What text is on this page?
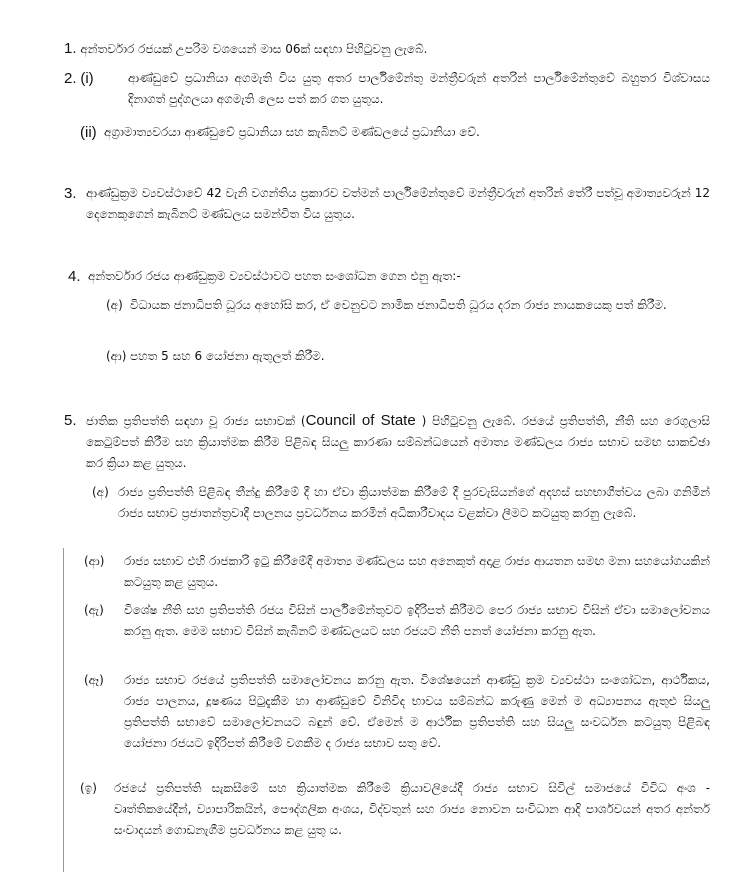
1. අන්තර්වාර රජයක් උපරිම වශයෙන් මාස 06ක් සඳහා පිහිටුවනු ලැබේ.
2. (i)	ආණ්ඩුවේ ප්‍රධානියා අගමැති විය යුතු අතර පාර්ලිමේන්තු මන්ත්‍රීවරුන් අතරින් පාර්ලිමේන්තුවේ බහුතර විශ්වාසය දිනාගත් පුද්ගලයා අගමැති ලෙස පත් කර ගත යුතුය.
(ii) අග්‍රාමාත්‍යවරයා ආණ්ඩුවේ ප්‍රධානියා සහ කැබිනට් මණ්ඩලයේ ප්‍රධානියා වේ.
3. ආණ්ඩුක්‍රම ව්‍යවස්ථාවේ 42 වැනි වගන්තිය ප්‍රකාරව වත්මන් පාර්ලිමේන්තුවේ මන්ත්‍රීවරුන් අතරින් තේරී පත්වූ අමාත්‍යවරුන් 12 දෙනෙකුගෙන් කැබිනට් මණ්ඩලය සමන්විත විය යුතුය.
4. අන්තර්වාර රජය ආණ්ඩුක්‍රම ව්‍යවස්ථාවට පහත සංශෝධන ගෙන එනු ඇත:-
(අ) විධායක ජනාධිපති ධූරය අහෝසි කර, ඒ වෙනුවට නාමික ජනාධිපති ධූරය දරන රාජ්‍ය නායකයෙකු පත් කිරීම.
(ආ) පහත 5 සහ 6 යෝජනා ඇතුලත් කිරීම.
5. ජාතික ප්‍රතිපත්ති සඳහා වූ රාජ්‍ය සභාවක් (Council of State ) පිහිටුවනු ලැබේ. රජයේ ප්‍රතිපත්ති, නීති සහ රෙගුලාසි කෙටුම්පත් කිරීම සහ ක්‍රියාත්මක කිරීම පිළිබඳ සියලු කාරණා සම්බන්ධයෙන් අමාත්‍ය මණ්ඩලය රාජ්‍ය සභාව සමඟ සාකච්ඡා කර ක්‍රියා කළ යුතුය.
(අ) රාජ්‍ය ප්‍රතිපත්ති පිළිබඳ තීන්දු කිරීමේ දී හා ඒවා ක්‍රියාත්මක කිරීමේ දී පුරවැසියන්ගේ අදහස් සහභාගීත්වය ලබා ගනිමින් රාජ්‍ය සභාව ප්‍රජාතන්ත්‍රවාදී පාලනය ප්‍රවර්ධනය කරමින් අධිකාරීවාදය වළක්වා ලීමට කටයුතු කරනු ලැබේ.
(ආ)	රාජ්‍ය සභාව එහි රාජකාරි ඉටු කිරීමේදී අමාත්‍ය මණ්ඩලය සහ අනෙකුත් අදාළ රාජ්‍ය ආයතන සමඟ මනා සහයෝගයකින් කටයුතු කළ යුතුය.
(ඇ)	විශේෂ නීති සහ ප්‍රතිපත්ති රජය විසින් පාර්ලිමේන්තුවට ඉදිරිපත් කිරීමට පෙර රාජ්‍ය සභාව විසින් ඒවා සමාලෝචනය කරනු ඇත. මෙම සභාව විසින් කැබිනට් මණ්ඩලයට සහ රජයට නීති පනත් යෝජනා කරනු ඇත.
(ඈ)	රාජ්‍ය සභාව රජයේ ප්‍රතිපත්ති සමාලෝචනය කරනු ඇත. විශේෂයෙන් ආණ්ඩු ක්‍රම ව්‍යවස්ථා සංශෝධන, ආර්ථිකය, රාජ්‍ය පාලනය, දූෂණය පිටුදැකීම හා ආණ්ඩුවේ විනිවිද භාවය සම්බන්ධ කරුණු මෙන් ම අධ්‍යාපනය ඇතුළු සියලු ප්‍රතිපත්ති සභාවේ සමාලෝචනයට බඳුන් වේ. ඒමෙන් ම ආර්ථික ප්‍රතිපත්ති සහ සියලු සංවර්ධන කටයුතු පිළිබඳ යෝජනා රජයට ඉදිරිපත් කිරීමේ වගකීම ද රාජ්‍ය සභාව සතු වේ.
(ඉ)	රජයේ ප්‍රතිපත්ති සැකසීමේ සහ ක්‍රියාත්මක කිරීමේ ක්‍රියාවලියේදී රාජ්‍ය සභාව සිවිල් සමාජයේ විවිධ අංශ - වෘත්තිකයේදීන්, ව්‍යාපාරිකයින්, පෞද්ගලික අංශය, විද්වතුන් සහ රාජ්‍ය නොවන සංවිධාන ආදි පාර්ශවයන් අතර අන්තර් සංවාදයන් ගොඩනැගීම ප්‍රවර්ධනය කළ යුතු ය.
